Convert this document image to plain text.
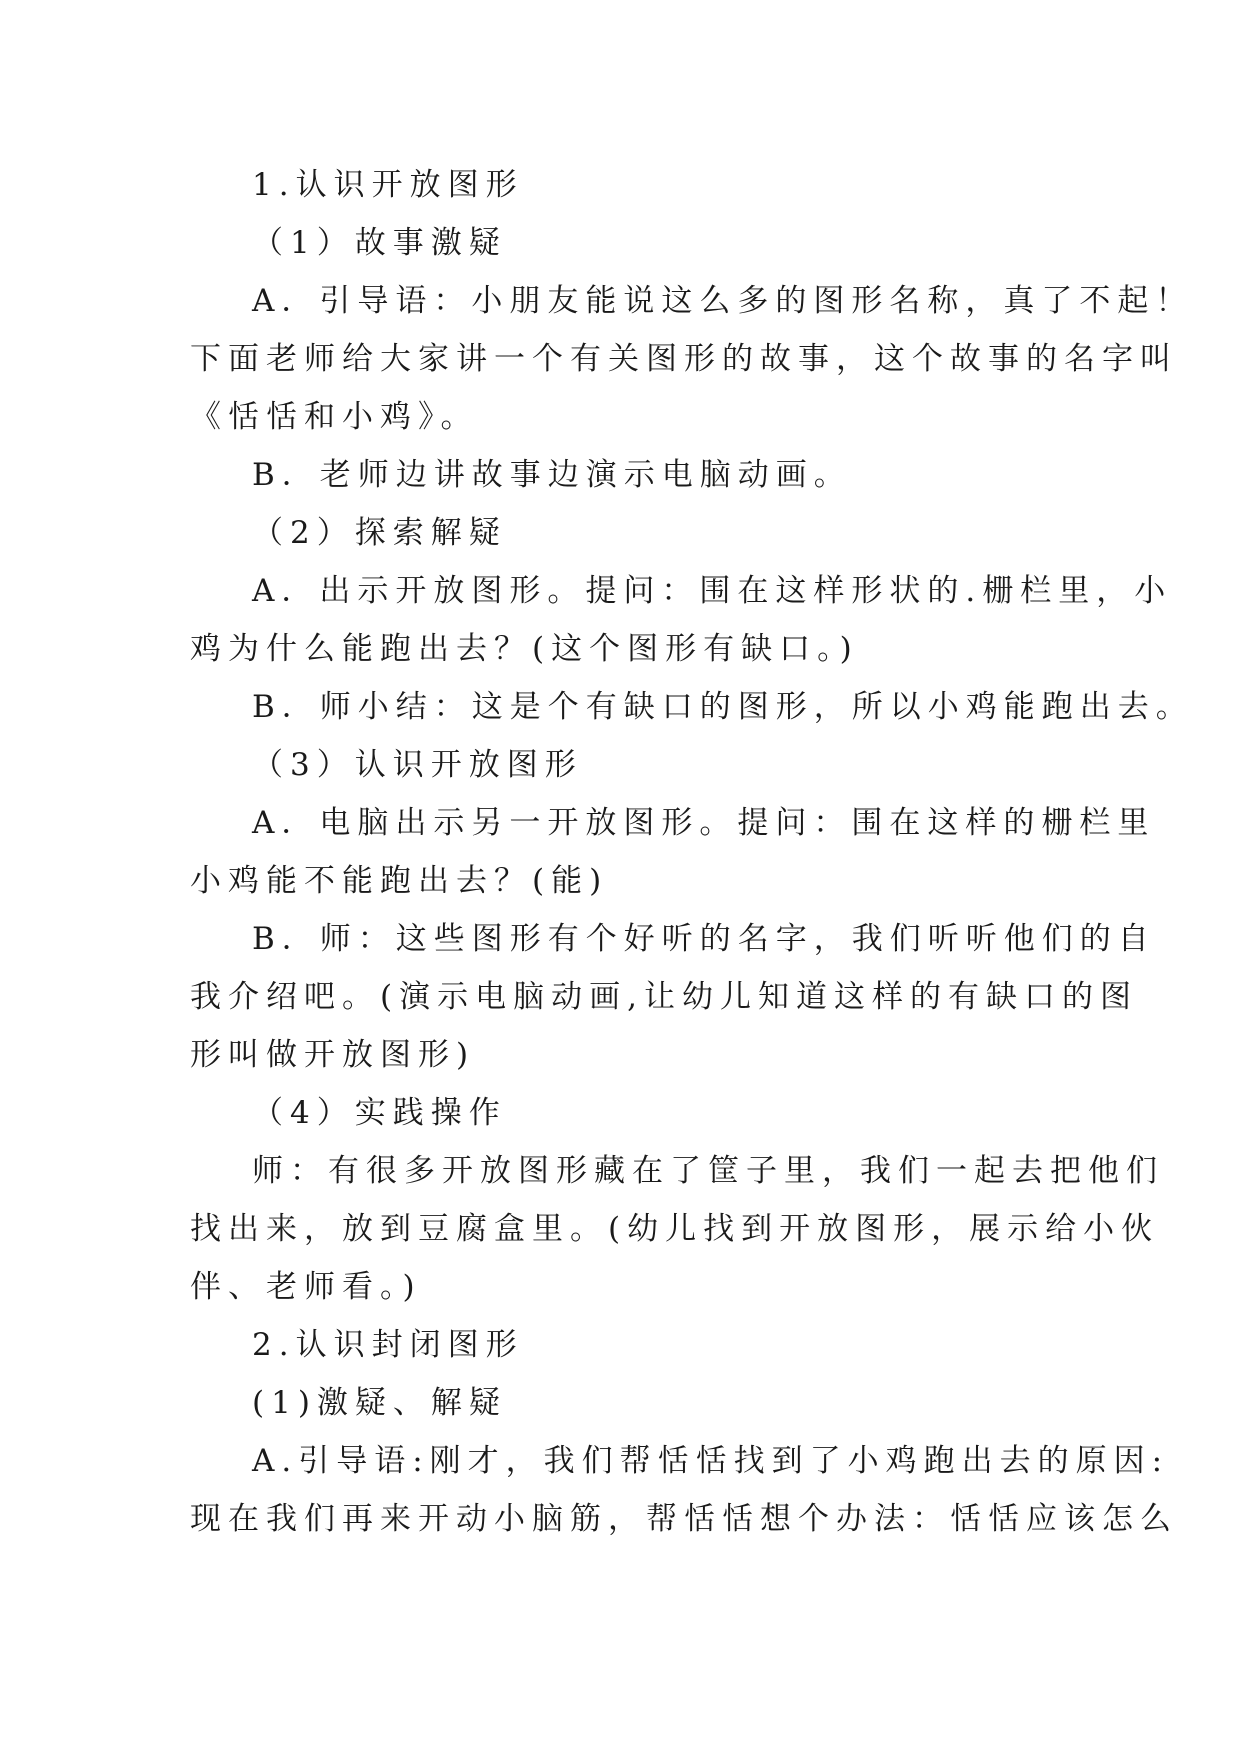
1.认识开放图形
（1）故事激疑
A．引导语：小朋友能说这么多的图形名称，真了不起！
下面老师给大家讲一个有关图形的故事，这个故事的名字叫
《恬恬和小鸡》。
B．老师边讲故事边演示电脑动画。
（2）探索解疑
A．出示开放图形。提问：围在这样形状的.栅栏里，小
鸡为什么能跑出去？(这个图形有缺口。)
B．师小结：这是个有缺口的图形，所以小鸡能跑出去。
（3）认识开放图形
A．电脑出示另一开放图形。提问：围在这样的栅栏里
小鸡能不能跑出去？(能)
B．师：这些图形有个好听的名字，我们听听他们的自
我介绍吧。(演示电脑动画,让幼儿知道这样的有缺口的图
形叫做开放图形)
（4）实践操作
师：有很多开放图形藏在了筐子里，我们一起去把他们
找出来，放到豆腐盒里。(幼儿找到开放图形，展示给小伙
伴、老师看。)
2.认识封闭图形
(1)激疑、解疑
A.引导语:刚才，我们帮恬恬找到了小鸡跑出去的原因:
现在我们再来开动小脑筋，帮恬恬想个办法：恬恬应该怎么
